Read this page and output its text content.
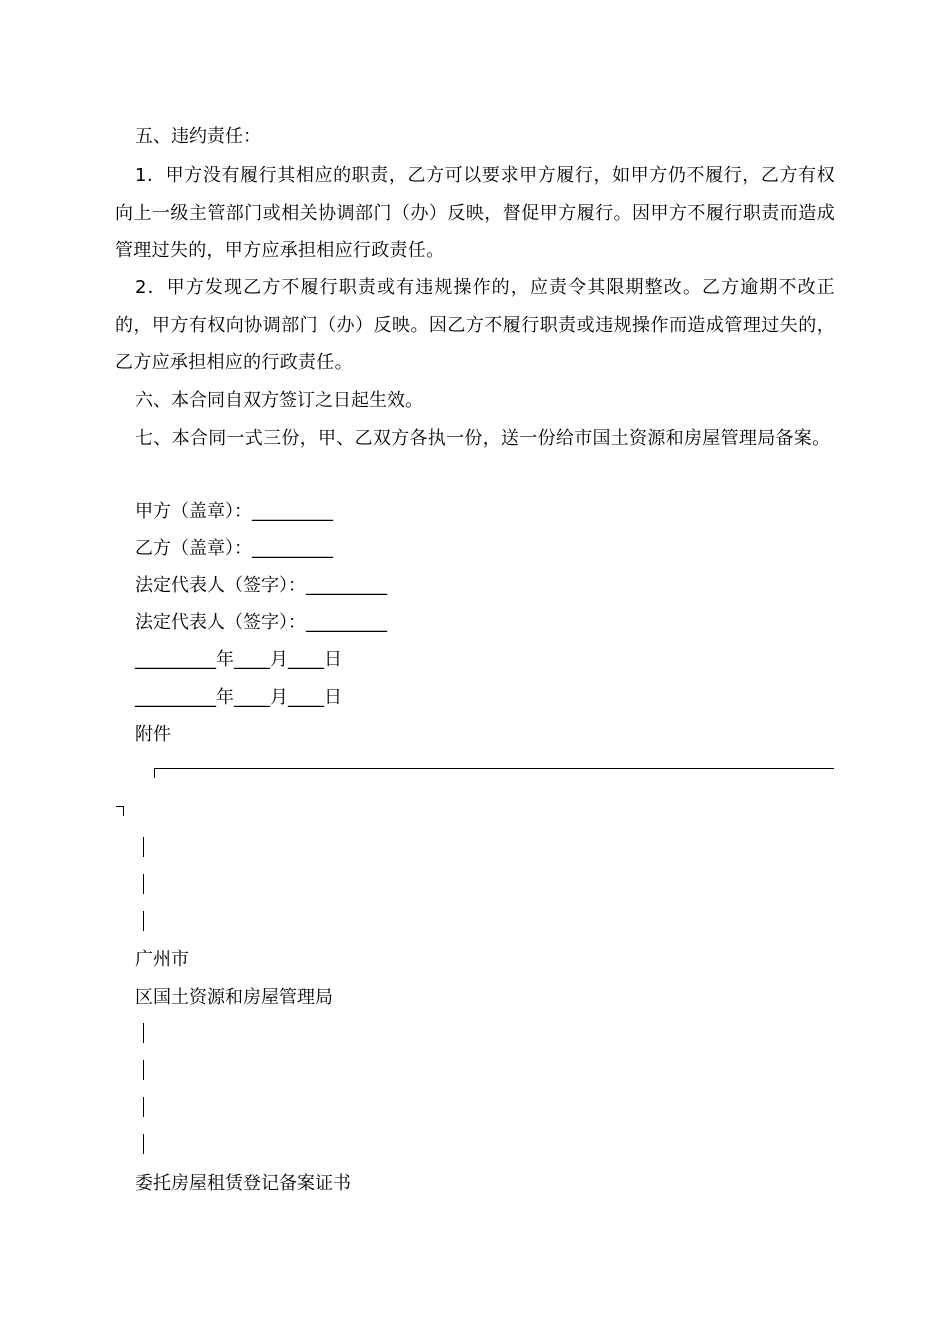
五、违约责任：
1．甲方没有履行其相应的职责，乙方可以要求甲方履行，如甲方仍不履行，乙方有权向上一级主管部门或相关协调部门（办）反映，督促甲方履行。因甲方不履行职责而造成管理过失的，甲方应承担相应行政责任。
2．甲方发现乙方不履行职责或有违规操作的，应责令其限期整改。乙方逾期不改正的，甲方有权向协调部门（办）反映。因乙方不履行职责或违规操作而造成管理过失的，乙方应承担相应的行政责任。
六、本合同自双方签订之日起生效。
七、本合同一式三份，甲、乙双方各执一份，送一份给市国土资源和房屋管理局备案。
甲方（盖章）：_________
乙方（盖章）：_________
法定代表人（签字）：_________
法定代表人（签字）：_________
_________年____月____日
_________年____月____日
附件
广州市
区国土资源和房屋管理局
委托房屋租赁登记备案证书
